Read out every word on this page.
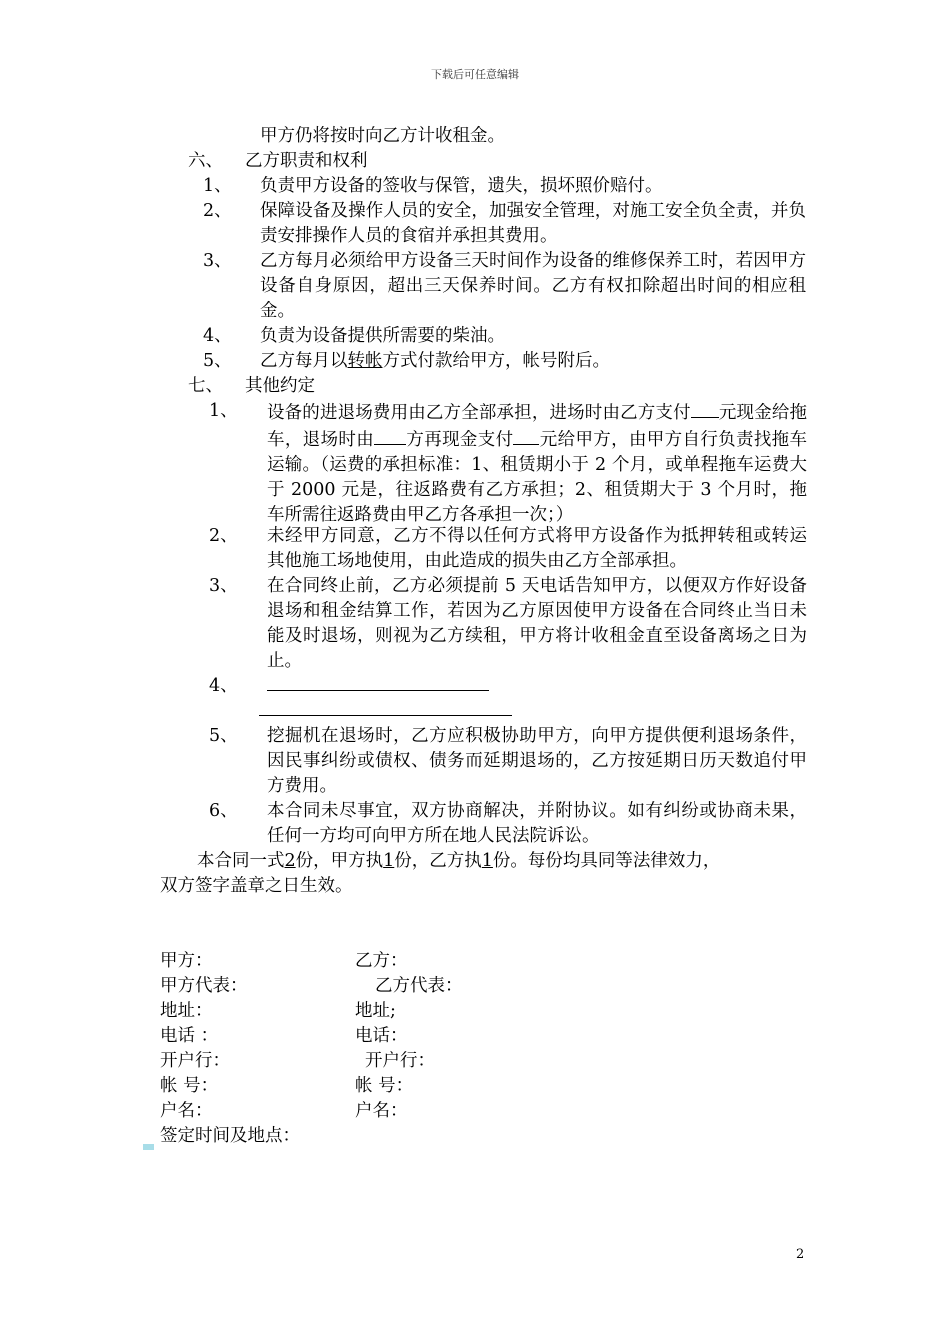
下载后可任意编辑
甲方仍将按时向乙方计收租金。
六、 乙方职责和权利
1、 负责甲方设备的签收与保管，遗失，损坏照价赔付。
2、 保障设备及操作人员的安全，加强安全管理，对施工安全负全责，并负责安排操作人员的食宿并承担其费用。
3、 乙方每月必须给甲方设备三天时间作为设备的维修保养工时，若因甲方设备自身原因，超出三天保养时间。乙方有权扣除超出时间的相应租金。
4、 负责为设备提供所需要的柴油。
5、 乙方每月以转帐方式付款给甲方，帐号附后。
七、 其他约定
1、 设备的进退场费用由乙方全部承担，进场时由乙方支付 元现金给拖车，退场时由 方再现金支付 元给甲方，由甲方自行负责找拖车运输。（运费的承担标准：1、租赁期小于 2 个月，或单程拖车运费大于 2000 元是，往返路费有乙方承担；2、租赁期大于 3 个月时，拖车所需往返路费由甲乙方各承担一次；）
2、 未经甲方同意，乙方不得以任何方式将甲方设备作为抵押转租或转运其他施工场地使用，由此造成的损失由乙方全部承担。
3、 在合同终止前，乙方必须提前 5 天电话告知甲方，以便双方作好设备退场和租金结算工作，若因为乙方原因使甲方设备在合同终止当日未能及时退场，则视为乙方续租，甲方将计收租金直至设备离场之日为止。
4、
5、 挖掘机在退场时，乙方应积极协助甲方，向甲方提供便利退场条件，因民事纠纷或债权、债务而延期退场的，乙方按延期日历天数追付甲方费用。
6、 本合同未尽事宜，双方协商解决，并附协议。如有纠纷或协商未果，任何一方均可向甲方所在地人民法院诉讼。
本合同一式2份，甲方执1份，乙方执1份。每份均具同等法律效力，
双方签字盖章之日生效。
甲方：
甲方代表：
地址：
电话 ：
开户行：
帐 号：
户名：
签定时间及地点：
乙方：
乙方代表：
地址;
电话：
开户行：
帐 号：
户名：
2
